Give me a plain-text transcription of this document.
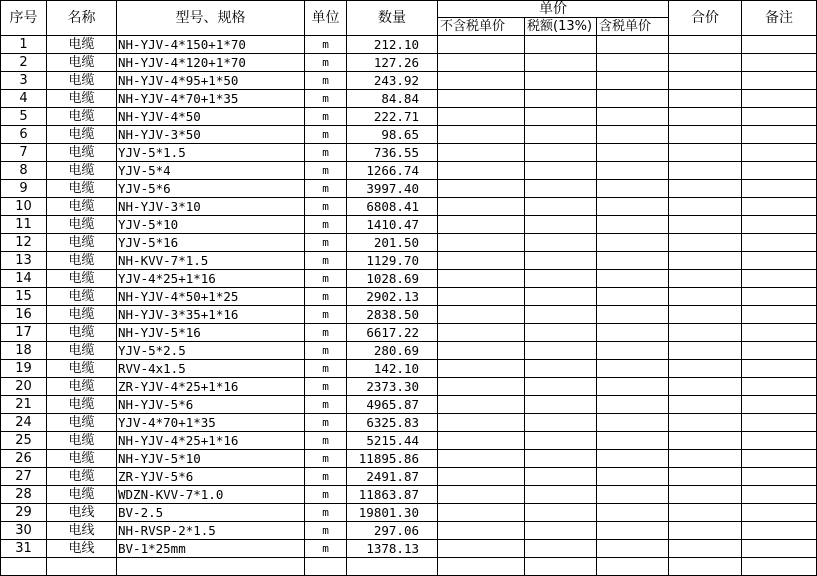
序号	名称	型号、规格	单位	数量	单价			合价	备注
					不含税单价	税额(13%)	含税单价		
1	电缆	NH-YJV-4*150+1*70	m	212.10					
2	电缆	NH-YJV-4*120+1*70	m	127.26					
3	电缆	NH-YJV-4*95+1*50	m	243.92					
4	电缆	NH-YJV-4*70+1*35	m	84.84					
5	电缆	NH-YJV-4*50	m	222.71					
6	电缆	NH-YJV-3*50	m	98.65					
7	电缆	YJV-5*1.5	m	736.55					
8	电缆	YJV-5*4	m	1266.74					
9	电缆	YJV-5*6	m	3997.40					
10	电缆	NH-YJV-3*10	m	6808.41					
11	电缆	YJV-5*10	m	1410.47					
12	电缆	YJV-5*16	m	201.50					
13	电缆	NH-KVV-7*1.5	m	1129.70					
14	电缆	YJV-4*25+1*16	m	1028.69					
15	电缆	NH-YJV-4*50+1*25	m	2902.13					
16	电缆	NH-YJV-3*35+1*16	m	2838.50					
17	电缆	NH-YJV-5*16	m	6617.22					
18	电缆	YJV-5*2.5	m	280.69					
19	电缆	RVV-4x1.5	m	142.10					
20	电缆	ZR-YJV-4*25+1*16	m	2373.30					
21	电缆	NH-YJV-5*6	m	4965.87					
24	电缆	YJV-4*70+1*35	m	6325.83					
25	电缆	NH-YJV-4*25+1*16	m	5215.44					
26	电缆	NH-YJV-5*10	m	11895.86					
27	电缆	ZR-YJV-5*6	m	2491.87					
28	电缆	WDZN-KVV-7*1.0	m	11863.87					
29	电线	BV-2.5	m	19801.30					
30	电线	NH-RVSP-2*1.5	m	297.06					
31	电线	BV-1*25mm	m	1378.13					
